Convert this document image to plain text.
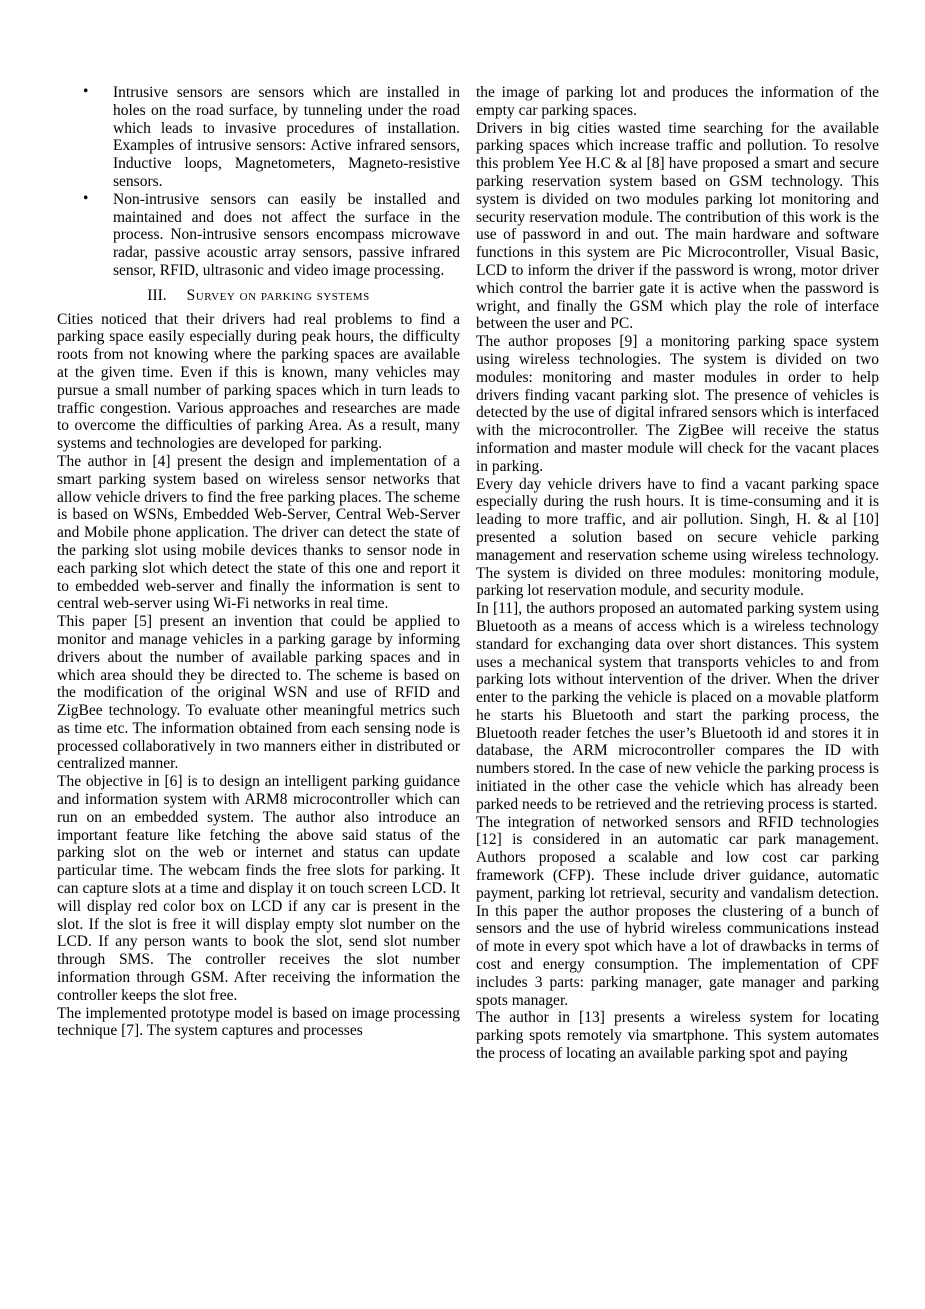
• Intrusive sensors are sensors which are installed in holes on the road surface, by tunneling under the road which leads to invasive procedures of installation. Examples of intrusive sensors: Active infrared sensors, Inductive loops, Magnetometers, Magneto-resistive sensors.
• Non-intrusive sensors can easily be installed and maintained and does not affect the surface in the process. Non-intrusive sensors encompass microwave radar, passive acoustic array sensors, passive infrared sensor, RFID, ultrasonic and video image processing.
III. Survey on parking systems

Cities noticed that their drivers had real problems to find a parking space easily especially during peak hours, the difficulty roots from not knowing where the parking spaces are available at the given time. Even if this is known, many vehicles may pursue a small number of parking spaces which in turn leads to traffic congestion. Various approaches and researches are made to overcome the difficulties of parking Area. As a result, many systems and technologies are developed for parking.

The author in [4] present the design and implementation of a smart parking system based on wireless sensor networks that allow vehicle drivers to find the free parking places. The scheme is based on WSNs, Embedded Web-Server, Central Web-Server and Mobile phone application. The driver can detect the state of the parking slot using mobile devices thanks to sensor node in each parking slot which detect the state of this one and report it to embedded web-server and finally the information is sent to central web-server using Wi-Fi networks in real time.

This paper [5] present an invention that could be applied to monitor and manage vehicles in a parking garage by informing drivers about the number of available parking spaces and in which area should they be directed to. The scheme is based on the modification of the original WSN and use of RFID and ZigBee technology. To evaluate other meaningful metrics such as time etc. The information obtained from each sensing node is processed collaboratively in two manners either in distributed or centralized manner.

The objective in [6] is to design an intelligent parking guidance and information system with ARM8 microcontroller which can run on an embedded system. The author also introduce an important feature like fetching the above said status of the parking slot on the web or internet and status can update particular time. The webcam finds the free slots for parking. It can capture slots at a time and display it on touch screen LCD. It will display red color box on LCD if any car is present in the slot. If the slot is free it will display empty slot number on the LCD. If any person wants to book the slot, send slot number through SMS. The controller receives the slot number information through GSM. After receiving the information the controller keeps the slot free.

The implemented prototype model is based on image processing technique [7]. The system captures and processes

the image of parking lot and produces the information of the empty car parking spaces.

Drivers in big cities wasted time searching for the available parking spaces which increase traffic and pollution. To resolve this problem Yee H.C & al [8] have proposed a smart and secure parking reservation system based on GSM technology. This system is divided on two modules parking lot monitoring and security reservation module. The contribution of this work is the use of password in and out. The main hardware and software functions in this system are Pic Microcontroller, Visual Basic, LCD to inform the driver if the password is wrong, motor driver which control the barrier gate it is active when the password is wright, and finally the GSM which play the role of interface between the user and PC.

The author proposes [9] a monitoring parking space system using wireless technologies. The system is divided on two modules: monitoring and master modules in order to help drivers finding vacant parking slot. The presence of vehicles is detected by the use of digital infrared sensors which is interfaced with the microcontroller. The ZigBee will receive the status information and master module will check for the vacant places in parking.

Every day vehicle drivers have to find a vacant parking space especially during the rush hours. It is time-consuming and it is leading to more traffic, and air pollution. Singh, H. & al [10] presented a solution based on secure vehicle parking management and reservation scheme using wireless technology. The system is divided on three modules: monitoring module, parking lot reservation module, and security module.

In [11], the authors proposed an automated parking system using Bluetooth as a means of access which is a wireless technology standard for exchanging data over short distances. This system uses a mechanical system that transports vehicles to and from parking lots without intervention of the driver. When the driver enter to the parking the vehicle is placed on a movable platform he starts his Bluetooth and start the parking process, the Bluetooth reader fetches the user’s Bluetooth id and stores it in database, the ARM microcontroller compares the ID with numbers stored. In the case of new vehicle the parking process is initiated in the other case the vehicle which has already been parked needs to be retrieved and the retrieving process is started.

The integration of networked sensors and RFID technologies [12] is considered in an automatic car park management. Authors proposed a scalable and low cost car parking framework (CFP). These include driver guidance, automatic payment, parking lot retrieval, security and vandalism detection. In this paper the author proposes the clustering of a bunch of sensors and the use of hybrid wireless communications instead of mote in every spot which have a lot of drawbacks in terms of cost and energy consumption. The implementation of CPF includes 3 parts: parking manager, gate manager and parking spots manager.

The author in [13] presents a wireless system for locating parking spots remotely via smartphone. This system automates the process of locating an available parking spot and paying
